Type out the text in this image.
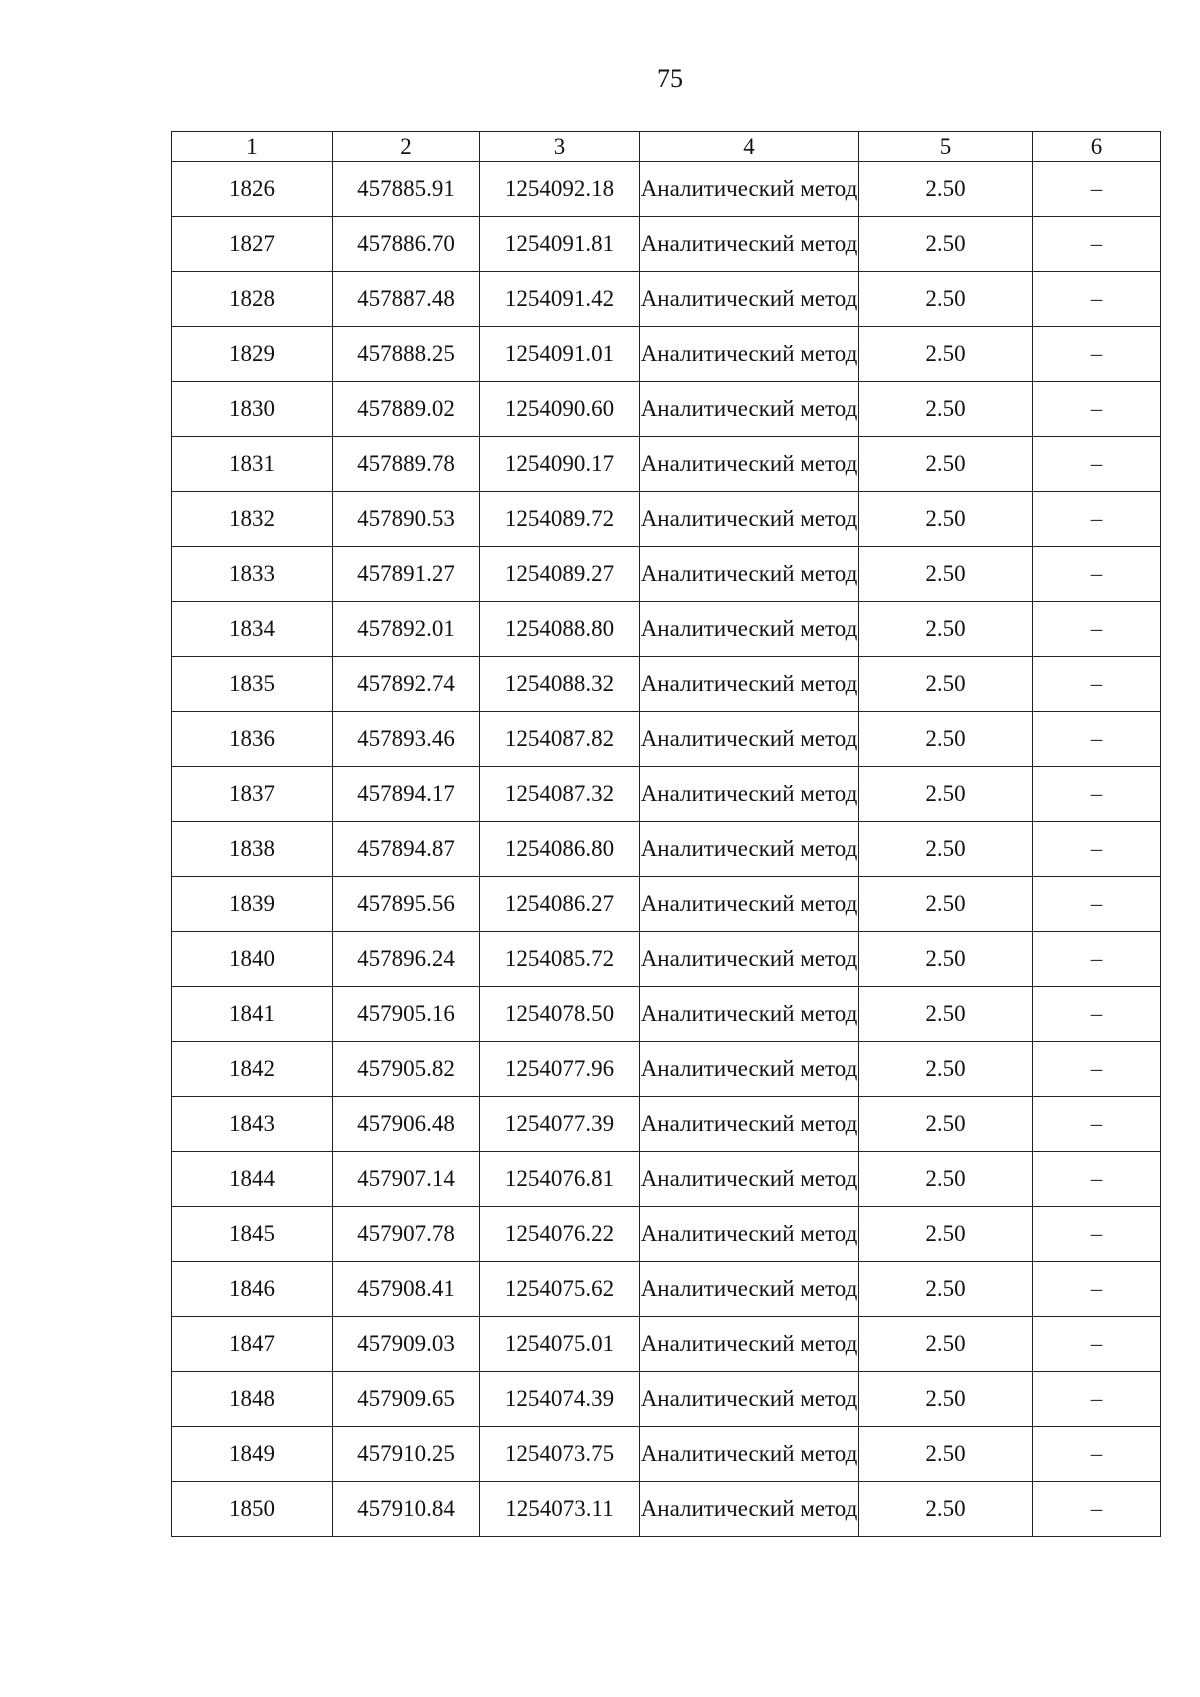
75
1	2	3	4	5	6
1826	457885.91	1254092.18	Аналитический метод	2.50	–
1827	457886.70	1254091.81	Аналитический метод	2.50	–
1828	457887.48	1254091.42	Аналитический метод	2.50	–
1829	457888.25	1254091.01	Аналитический метод	2.50	–
1830	457889.02	1254090.60	Аналитический метод	2.50	–
1831	457889.78	1254090.17	Аналитический метод	2.50	–
1832	457890.53	1254089.72	Аналитический метод	2.50	–
1833	457891.27	1254089.27	Аналитический метод	2.50	–
1834	457892.01	1254088.80	Аналитический метод	2.50	–
1835	457892.74	1254088.32	Аналитический метод	2.50	–
1836	457893.46	1254087.82	Аналитический метод	2.50	–
1837	457894.17	1254087.32	Аналитический метод	2.50	–
1838	457894.87	1254086.80	Аналитический метод	2.50	–
1839	457895.56	1254086.27	Аналитический метод	2.50	–
1840	457896.24	1254085.72	Аналитический метод	2.50	–
1841	457905.16	1254078.50	Аналитический метод	2.50	–
1842	457905.82	1254077.96	Аналитический метод	2.50	–
1843	457906.48	1254077.39	Аналитический метод	2.50	–
1844	457907.14	1254076.81	Аналитический метод	2.50	–
1845	457907.78	1254076.22	Аналитический метод	2.50	–
1846	457908.41	1254075.62	Аналитический метод	2.50	–
1847	457909.03	1254075.01	Аналитический метод	2.50	–
1848	457909.65	1254074.39	Аналитический метод	2.50	–
1849	457910.25	1254073.75	Аналитический метод	2.50	–
1850	457910.84	1254073.11	Аналитический метод	2.50	–
